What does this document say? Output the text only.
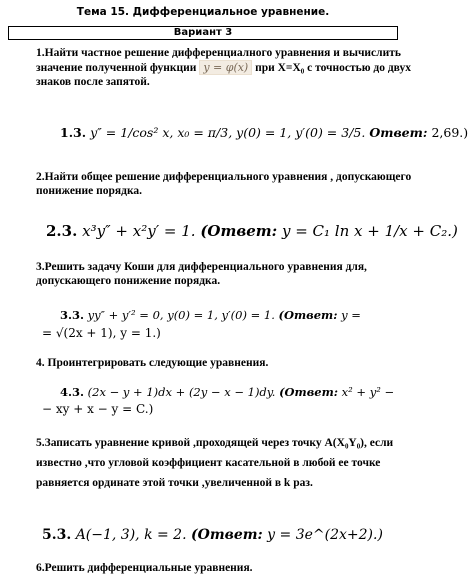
Тема 15. Дифференциальное уравнение.
Вариант 3
1.Найти частное решение дифференциалного уравнения и вычислить значение полученной функции y = φ(x) при X=X₀ с точностью до двух знаков после запятой.
1.3. y″ = 1/cos² x, x₀ = π/3, y(0) = 1, y′(0) = 3/5. Ответ: 2,69.)
2.Найти общее решение дифференциального уравнения , допускающего понижение порядка.
2.3. x³y″ + x²y′ = 1. (Ответ: y = C₁ ln x + 1/x + C₂.)
3.Решить задачу Коши для дифференциального уравнения для, допускающего понижение порядка.
3.3. yy″ + y′² = 0, y(0) = 1, y′(0) = 1. (Ответ: y =
= √(2x + 1), y = 1.)
4. Проинтегрировать следующие уравнения.
4.3. (2x − y + 1)dx + (2y − x − 1)dy. (Ответ: x² + y² −
− xy + x − y = C.)
5.Записать уравнение кривой ,проходящей через точку A(X₀Y₀), если известно ,что угловой коэффициент касательной в любой ее точке равняется ординате этой точки ,увеличенной в k раз.
5.3. A(−1, 3), k = 2. (Ответ: y = 3e^(2x+2).)
6.Решить дифференциальные уравнения.
